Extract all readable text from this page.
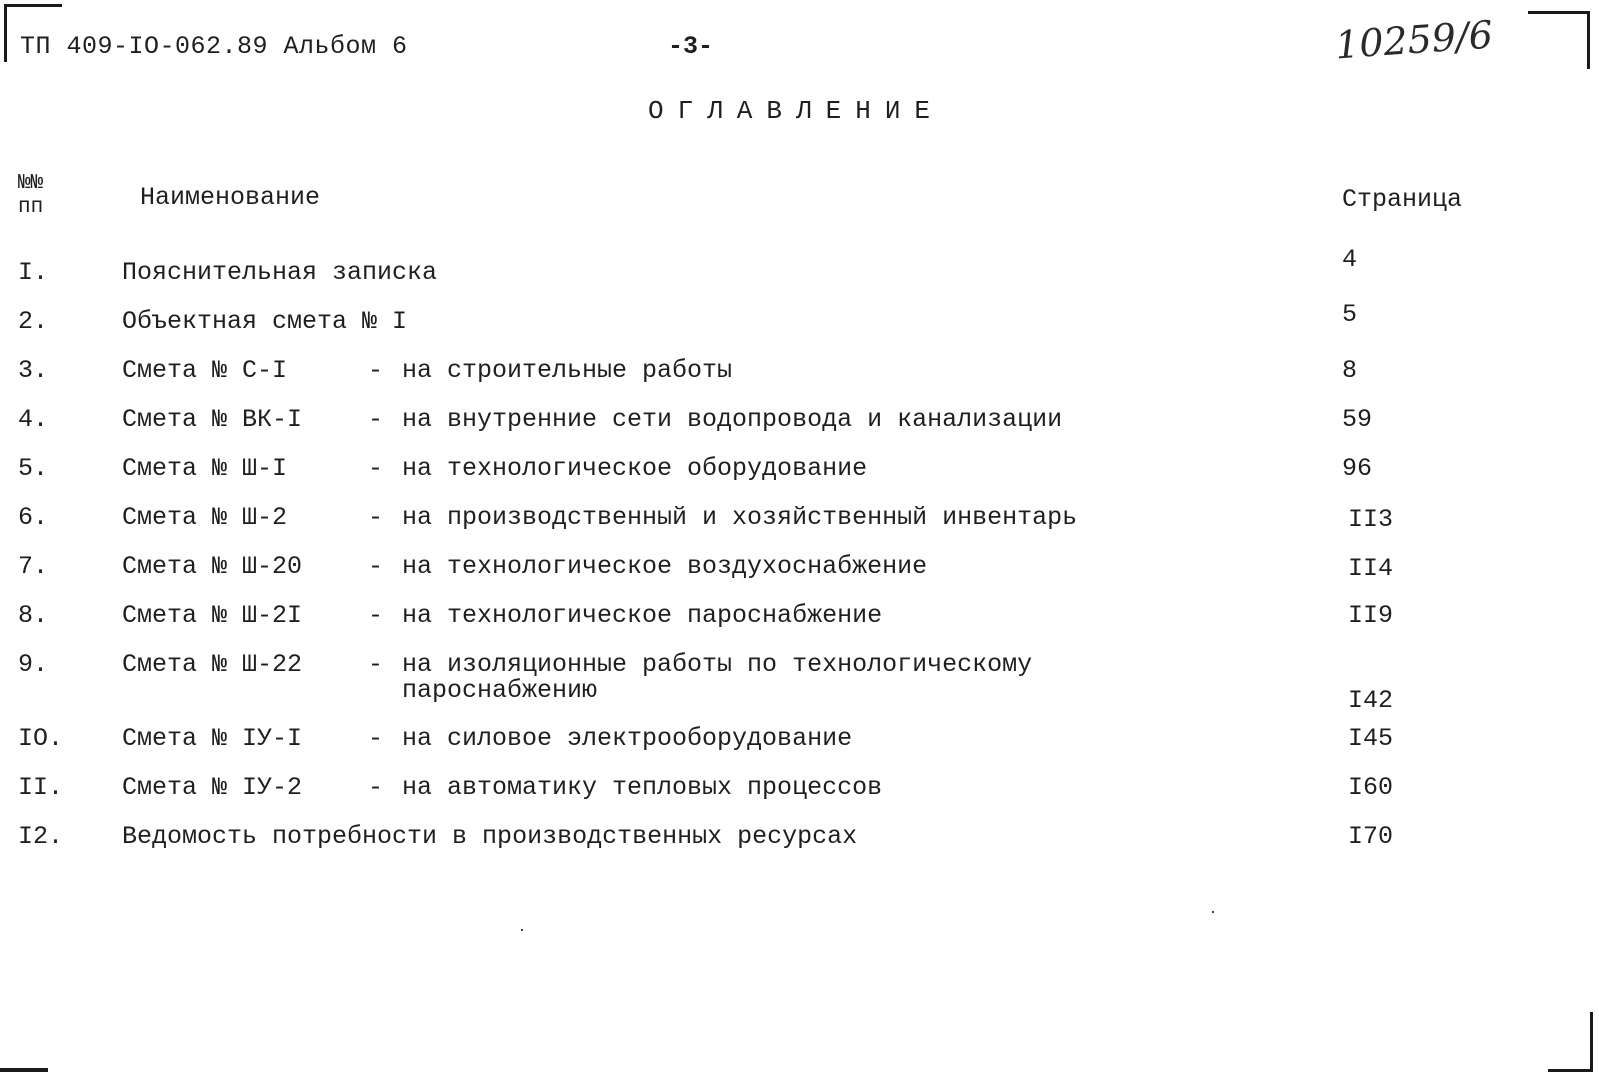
ТП 409-IO-062.89 Альбом 6	-3-	10259/6
ОГЛАВЛЕНИЕ
№№ пп	Наименование	Страница
I.	Пояснительная записка	4
2.	Объектная смета № I	5
3.	Смета № С-I	- на строительные работы	8
4.	Смета № ВК-I	- на внутренние сети водопровода и канализации	59
5.	Смета № Ш-I	- на технологическое оборудование	96
6.	Смета № Ш-2	- на производственный и хозяйственный инвентарь	II3
7.	Смета № Ш-20	- на технологическое воздухоснабжение	II4
8.	Смета № Ш-2I	- на технологическое пароснабжение	II9
9.	Смета № Ш-22	- на изоляционные работы по технологическому
пароснабжению	I42
IO. Смета № IУ-I	- на силовое электрооборудование	I45
II. Смета № IУ-2	- на автоматику тепловых процессов	I60
I2. Ведомость потребности в производственных ресурсах	I70
